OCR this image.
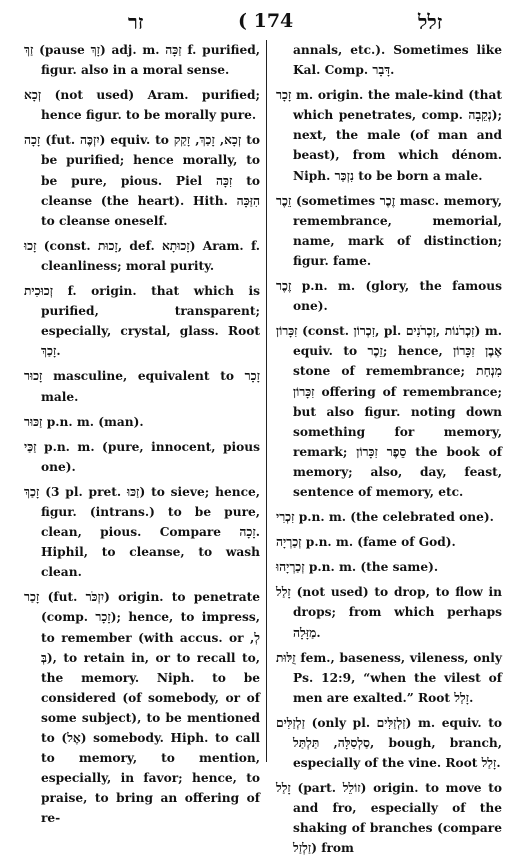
זר	( 174	זלל

זַךְ (pause זָךְ) adj. m. זַכָּה f. purified, figur. also in a moral sense.

זְכָא (not used) Aram. purified; hence figur. to be morally pure.

זָכָה (fut. יִזְכֶּה) equiv. to זְכָא, זָכַךְ, זָקַק to be purified; hence morally, to be pure, pious. Piel זִכָּה to cleanse (the heart). Hith. הִזַּכָּה to cleanse oneself.

זָכוּ (const. זָכוּת, def. זָכוּתָא) Aram. f. cleanliness; moral purity.

זְכוּכִית f. origin. that which is purified, transparent; especially, crystal, glass. Root זָכַךְ.

זָכוּר masculine, equivalent to זָכָר male.

זַכּוּר p.n. m. (man).

זַכַּי p.n. m. (pure, innocent, pious one).

זָכַךְ (3 pl. pret. זַכּוּ) to sieve; hence, figur. (intrans.) to be pure, clean, pious. Compare זָכָה. Hiphil, to cleanse, to wash clean.

זָכַר (fut. יִזְכֹּר) origin. to penetrate (comp. זָכָר); hence, to impress, to remember (with accus. or לְ, בְּ), to retain in, or to recall to, the memory. Niph. to be considered (of somebody, or of some subject), to be mentioned to (אֶל) somebody. Hiph. to call to memory, to mention, especially, in favor; hence, to praise, to bring an offering of re-

annals, etc.). Sometimes like Kal. Comp. דָּבָר.

זָכָר m. origin. the male-kind (that which penetrates, comp. נְקֵבָה); next, the male (of man and beast), from which dénom. Niph. נִזְכַּר to be born a male.

זֵכֶר (sometimes זֶכֶר masc. memory, remembrance, memorial, name, mark of distinction; figur. fame.

זֶכֶר p.n. m. (glory, the famous one).

זִכָּרוֹן (const. זִכְרוֹן, pl. זִכְרֹנוֹת ,זִכְרֹנִים) m. equiv. to זֵכֶר; hence, אֶבֶן זִכָּרוֹן stone of remembrance; מִנְחַת זִכָּרוֹן offering of remembrance; but also figur. noting down something for memory, remark; סֵפֶר זִכָּרוֹן the book of memory; also, day, feast, sentence of memory, etc.

זִכְרִי p.n. m. (the celebrated one).

זְכַרְיָה p.n. m. (fame of God).

זְכַרְיָהוּ p.n. m. (the same).

זָלַל (not used) to drop, to flow in drops; from which perhaps מַזָּלָה.

זֻלּוּת fem., baseness, vileness, only Ps. 12:9, “when the vilest of men are exalted.” Root זָלַל.

זַלְזַלִּים (only pl. זַלְזַלִּים) m. equiv. to סַלְסִלָּה, תַּלְתַּל, bough, branch, especially of the vine. Root זָלַל.

זָלַל (part. זוֹלֵל) origin. to move to and fro, especially of the shaking of branches (compare זַלְזַל) from
